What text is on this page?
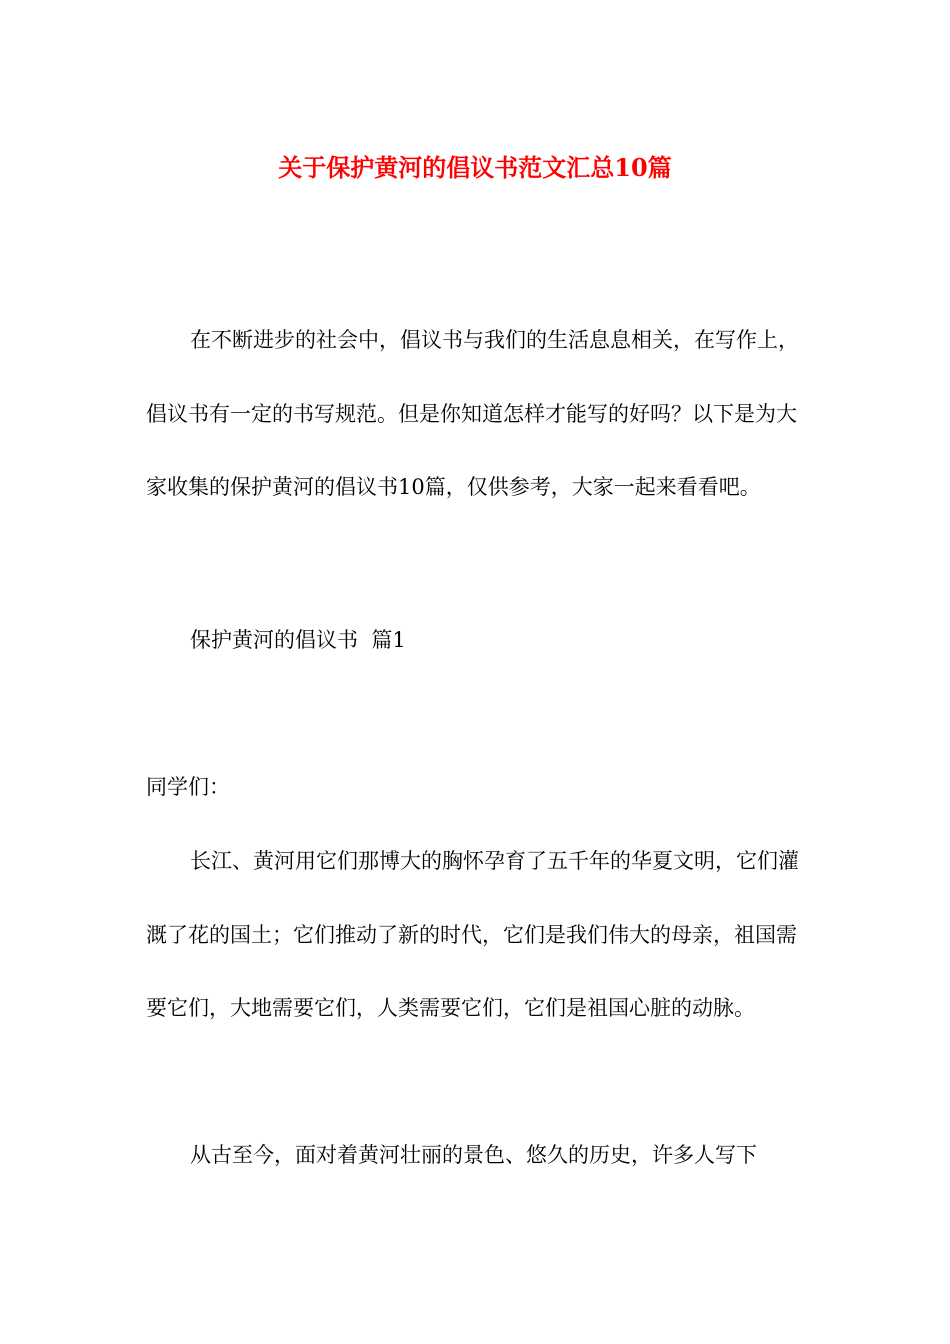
关于保护黄河的倡议书范文汇总10篇

在不断进步的社会中，倡议书与我们的生活息息相关，在写作上，倡议书有一定的书写规范。但是你知道怎样才能写的好吗？以下是为大家收集的保护黄河的倡议书10篇，仅供参考，大家一起来看看吧。

保护黄河的倡议书  篇1

同学们：

长江、黄河用它们那博大的胸怀孕育了五千年的华夏文明，它们灌溉了花的国土；它们推动了新的时代，它们是我们伟大的母亲，祖国需要它们，大地需要它们，人类需要它们，它们是祖国心脏的动脉。

从古至今，面对着黄河壮丽的景色、悠久的历史，许多人写下
